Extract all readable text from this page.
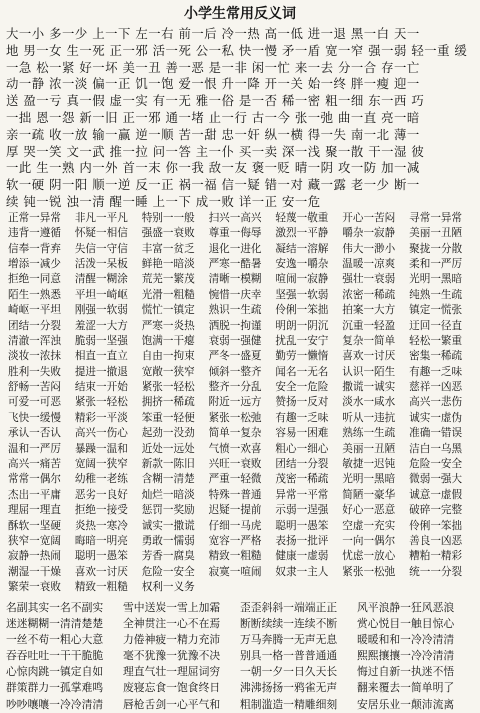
小学生常用反义词
大一小 多一少 上一下 左一右 前一后 冷一热 高一低 进一退 黑一白 天一
地 男一女 生一死 正一邪 活一死 公一私 快一慢 矛一盾 宽一窄 强一弱 轻一重 缓
一急 松一紧 好一坏 美一丑 善一恶 是一非 闲一忙 来一去 分一合 存一亡
动一静 浓一淡 偏一正 饥一饱 爱一恨 升一降 开一关 始一终 胖一瘦 迎一
送 盈一亏 真一假 虚一实 有一无 雅一俗 是一否 稀一密 粗一细 东一西 巧
一拙 恩一怨 新一旧 正一邪 通一堵 止一行 古一今 张一弛 曲一直 亮一暗
亲一疏 收一放 输一赢 逆一顺 苦一甜 忠一奸 纵一横 得一失 南一北 薄一
厚 哭一笑 文一武 推一拉 问一答 主一仆 买一卖 深一浅 聚一散 干一湿 彼
一此 生一熟 内一外 首一末 你一我 敌一友 褒一贬 晴一阴 攻一防 加一减
软一硬 阴一阳 顺一逆 反一正 祸一福 信一疑 错一对 藏一露 老一少 断一
续 钝一锐 浊一清 醒一睡 上一下 成一败 详一正 安一危
正常一异常	非凡一平凡	特别一一般	扫兴一高兴	轻蔑一敬重	开心一苦闷	寻常一异常
违背一遵循	怀疑一相信	强盛一衰败	尊重一侮辱	激烈一平静	嚼杂一寂静	美丽一丑陋
信奉一背弃	失信一守信	丰富一贫乏	退化一进化	凝结一溶解	伟大一渺小	聚拢一分散
增添一减少	活泼一呆板	鲜艳一暗淡	严寒一酷暑	安逸一嚼杂	温暖一凉爽	柔和一严厉
拒绝一同意	清醒一糊涂	荒芜一繁茂	清晰一模糊	喧闹一寂静	强壮一衰弱	光明一黑暗
陌生一熟悉	平坦一崎岖	光滑一粗糙	惋惜一庆幸	坚强一软弱	浓密一稀疏	纯熟一生疏
崎岖一平坦	刚强一软弱	慌忙一镇定	熟识一生疏	伶俐一笨拙	拍案一大方	镇定一慌张
团结一分裂	羞涩一大方	严寒一炎热	洒脱一拘谨	明朗一阴沉	沉重一轻盈	迂回一径直
清澈一浑浊	脆弱一坚强	饱满一干瘪	衰弱一强健	扰乱一安宁	复杂一简单	轻松一繁重
淡妆一浓抹	相直一直立	自由一拘束	严冬一盛夏	勤劳一懒惰	喜欢一讨厌	密集一稀疏
胜利一失败	提进一撤退	宽敞一狭窄	倾斜一整齐	闻名一无名	认识一陌生	有趣一乏味
舒畅一苦闷	结束一开始	紧张一轻松	整齐一分乱	安全一危险	撒谎一诚实	慈祥一凶恶
可爱一可恶	紧张一轻松	拥挤一稀疏	附近一远方	赞扬一反对	淡水一咸水	高兴一悲伤
飞快一缓慢	精彩一平淡	笨重一轻便	紧张一松弛	有趣一乏味	听从一违抗	诚实一虚伪
承认一否认	高兴一伤心	起劲一没劲	简单一复杂	容易一困难	熟练一生疏	准确一错误
温和一严厉	暴躁一温和	近处一远处	气愤一欢喜	粗心一细心	美丽一丑陋	洁白一乌黑
高兴一痛苦	宽阔一狭窄	新款一陈旧	兴旺一衰败	团结一分裂	敏捷一迟钝	危险一安全
常常一偶尔	幼稚一老练	含糊一清楚	严重一轻微	茂密一稀疏	光明一黑暗	微弱一强大
杰出一平庸	恶劣一良好	灿烂一暗淡	特殊一普通	异常一平常	简陋一豪华	诚意一虚假
理屈一理直	拒绝一接受	惩罚一奖励	迟疑一提前	示弱一逞强	好心一恶意	破碎一完整
酥软一坚硬	炎热一寒冷	诚实一撒谎	仔细一马虎	聪明一愚笨	空虚一充实	伶俐一笨拙
狭窄一宽阔	晦暗一明亮	勇敢一懦弱	宽容一严格	表扬一批评	一向一偶尔	善良一凶恶
寂静一热闹	聪明一愚笨	芳香一腐臭	精致一粗糙	健康一虚弱	忧虑一放心	糟粕一精彩
潮湿一干燥	喜欢一讨厌	危险一安全	寂寞一喧闹	奴隶一主人	紧张一松弛	统一一分裂
繁荣一衰败	精致一粗糙	权利一义务
名副其实一名不副实	雪中送炭一雪上加霜	歪歪斜斜一端端正正	风平浪静一狂风恶浪
迷迷糊糊一清清楚楚	全神贯注一心不在焉	断断续续一连续不断	赏心悦目一触目惊心
一丝不苟一粗心大意	力倦神疲一精力充沛	万马奔腾一无声无息	暖暖和和一冷冷清清
吞吞吐吐一干干脆脆	毫不犹豫一犹豫不决	别具一格一普普通通	熙熙攘攘一冷冷清清
心惊肉跳一镇定自如	理直气壮一理屈词穷	一朝一夕一日久天长	悔过自新一执迷不悟
群策群力一孤掌难鸣	废寝忘食一饱食终日	沸沸扬扬一鸦雀无声	翻来覆去一简单明了
吵吵嚷嚷一冷冷清清	唇枪舌剑一心平气和	粗制滥造一精雕细刻	安居乐业一颠沛流离
